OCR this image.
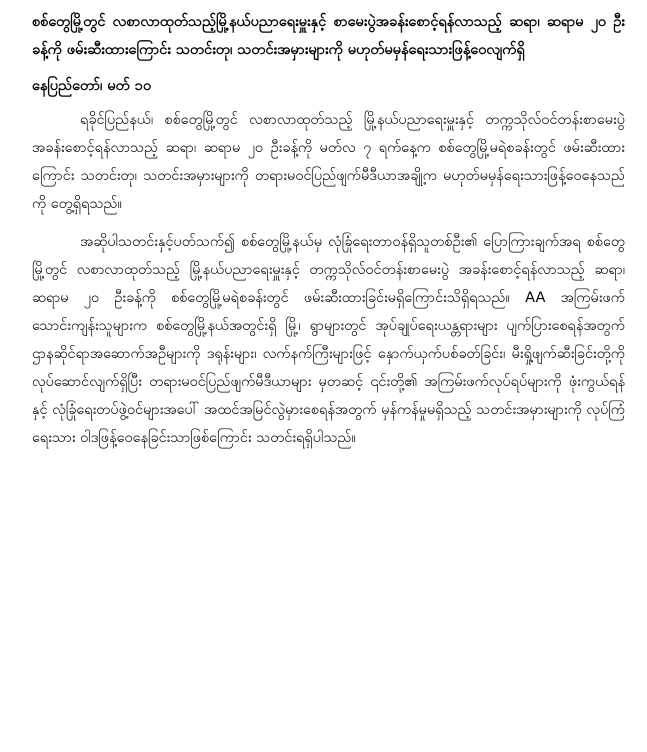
စစ်တွေမြို့တွင် လစာလာထုတ်သည့်မြို့နယ်ပညာရေးမှူးနှင့် စာမေးပွဲအခန်းစောင့်ရန်လာသည့် ဆရာ၊ ဆရာမ ၂၀ ဦးခန့်ကို ဖမ်းဆီးထားကြောင်း သတင်းတု၊ သတင်းအမှားများကို မဟုတ်မမှန်ရေးသားဖြန့်ဝေလျက်ရှိ

နေပြည်တော်၊ မတ် ၁၀

ရခိုင်ပြည်နယ်၊ စစ်တွေမြို့တွင် လစာလာထုတ်သည့် မြို့နယ်ပညာရေးမှူးနှင့် တက္ကသိုလ်ဝင်တန်းစာမေးပွဲ အခန်းစောင့်ရန်လာသည့် ဆရာ၊ ဆရာမ ၂၀ ဦးခန့်ကို မတ်လ ၇ ရက်နေ့က စစ်တွေမြို့မရဲစခန်းတွင် ဖမ်းဆီးထားကြောင်း သတင်းတု၊ သတင်းအမှားများကို တရားမဝင်ပြည်ဖျက်မီဒီယာအချို့က မဟုတ်မမှန်ရေးသားဖြန့်ဝေနေသည်ကို တွေ့ရှိရသည်။

အဆိုပါသတင်းနှင့်ပတ်သက်၍ စစ်တွေမြို့နယ်မှ လုံခြုံရေးတာဝန်ရှိသူတစ်ဦး၏ ပြောကြားချက်အရ စစ်တွေမြို့တွင် လစာလာထုတ်သည့် မြို့နယ်ပညာရေးမှူးနှင့် တက္ကသိုလ်ဝင်တန်းစာမေးပွဲ အခန်းစောင့်ရန်လာသည့် ဆရာ၊ ဆရာမ ၂၀ ဦးခန့်ကို စစ်တွေမြို့မရဲစခန်းတွင် ဖမ်းဆီးထားခြင်းမရှိကြောင်းသိရှိရသည်။ AA အကြမ်းဖက်သောင်းကျန်းသူများက စစ်တွေမြို့နယ်အတွင်းရှိ မြို့၊ ရွာများတွင် အုပ်ချုပ်ရေးယန္တရားများ ပျက်ပြားစေရန်အတွက် ဌာနဆိုင်ရာအဆောက်အဦများကို ဒရုန်းများ၊ လက်နက်ကြီးများဖြင့် နှောက်ယှက်ပစ်ခတ်ခြင်း၊ မီးရှို့ဖျက်ဆီးခြင်းတို့ကို လုပ်ဆောင်လျက်ရှိပြီး တရားမဝင်ပြည်ဖျက်မီဒီယာများ မှတဆင့် ၎င်းတို့၏ အကြမ်းဖက်လုပ်ရပ်များကို ဖုံးကွယ်ရန်နှင့် လုံခြုံရေးတပ်ဖွဲ့ဝင်များအပေါ် အထင်အမြင်လွဲမှားစေရန်အတွက် မှန်ကန်မှုမရှိသည့် သတင်းအမှားများကို လုပ်ကြံရေးသား ဝါဒဖြန့်ဝေနေခြင်းသာဖြစ်ကြောင်း သတင်းရရှိပါသည်။
